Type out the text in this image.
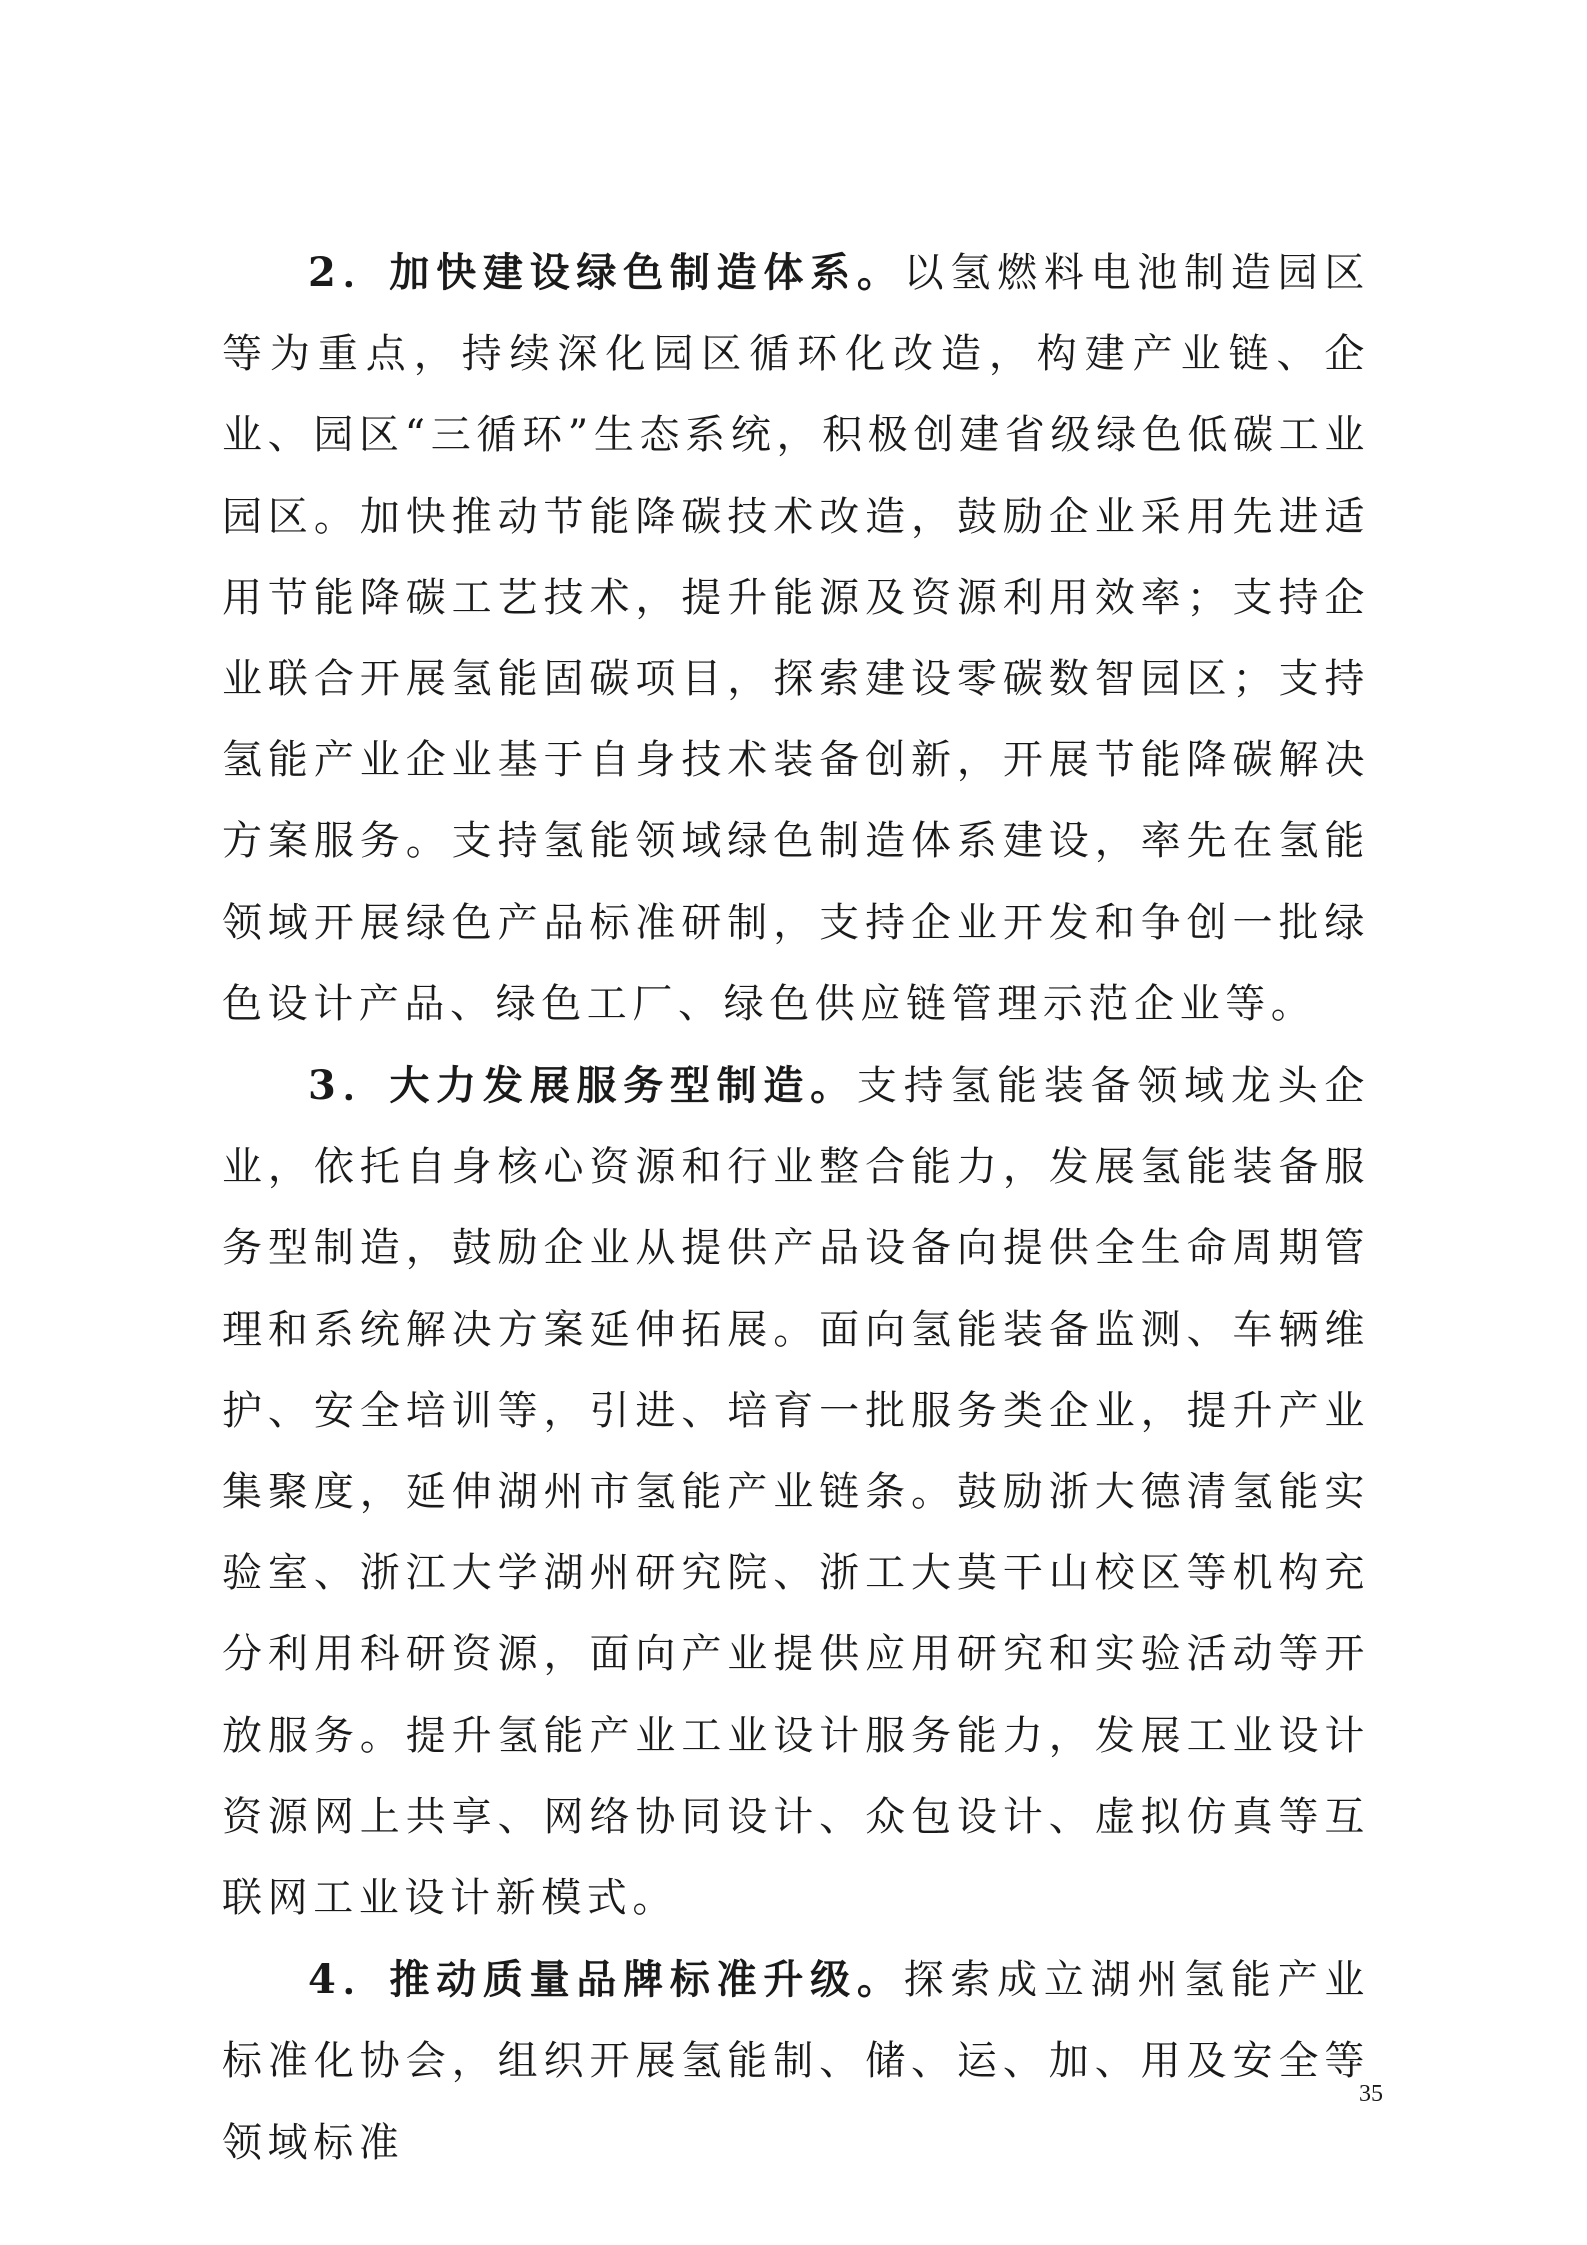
2．加快建设绿色制造体系。以氢燃料电池制造园区等为重点，持续深化园区循环化改造，构建产业链、企业、园区“三循环”生态系统，积极创建省级绿色低碳工业园区。加快推动节能降碳技术改造，鼓励企业采用先进适用节能降碳工艺技术，提升能源及资源利用效率；支持企业联合开展氢能固碳项目，探索建设零碳数智园区；支持氢能产业企业基于自身技术装备创新，开展节能降碳解决方案服务。支持氢能领域绿色制造体系建设，率先在氢能领域开展绿色产品标准研制，支持企业开发和争创一批绿色设计产品、绿色工厂、绿色供应链管理示范企业等。

3．大力发展服务型制造。支持氢能装备领域龙头企业，依托自身核心资源和行业整合能力，发展氢能装备服务型制造，鼓励企业从提供产品设备向提供全生命周期管理和系统解决方案延伸拓展。面向氢能装备监测、车辆维护、安全培训等，引进、培育一批服务类企业，提升产业集聚度，延伸湖州市氢能产业链条。鼓励浙大德清氢能实验室、浙江大学湖州研究院、浙工大莫干山校区等机构充分利用科研资源，面向产业提供应用研究和实验活动等开放服务。提升氢能产业工业设计服务能力，发展工业设计资源网上共享、网络协同设计、众包设计、虚拟仿真等互联网工业设计新模式。

4．推动质量品牌标准升级。探索成立湖州氢能产业标准化协会，组织开展氢能制、储、运、加、用及安全等领域标准

35
